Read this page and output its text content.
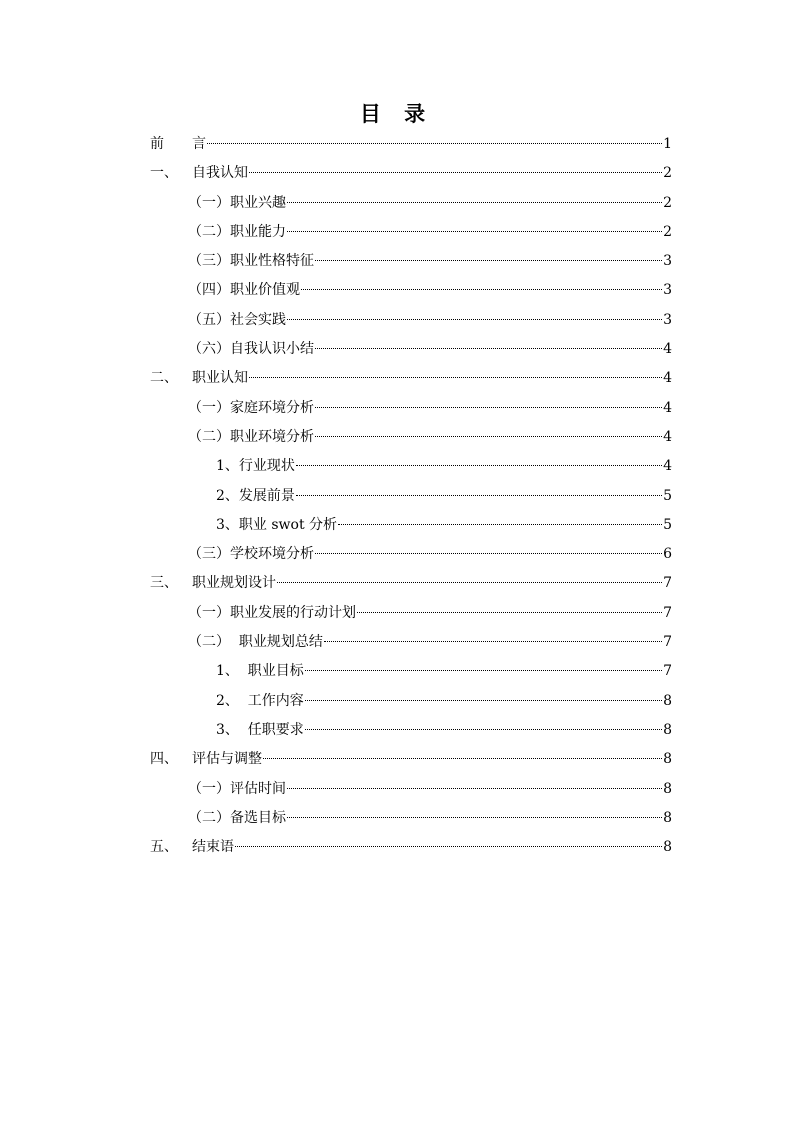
目 录
前	言	1
一、	自我认知	2
（一）职业兴趣	2
（二）职业能力	2
（三）职业性格特征	3
（四）职业价值观	3
（五）社会实践	3
（六）自我认识小结	4
二、	职业认知	4
（一）家庭环境分析	4
（二）职业环境分析	4
1、行业现状	4
2、发展前景	5
3、职业 swot 分析	5
（三）学校环境分析	6
三、	职业规划设计	7
（一）职业发展的行动计划	7
（二）  职业规划总结	7
1、  职业目标	7
2、  工作内容	8
3、  任职要求	8
四、	评估与调整	8
（一）评估时间	8
（二）备选目标	8
五、	结束语	8
